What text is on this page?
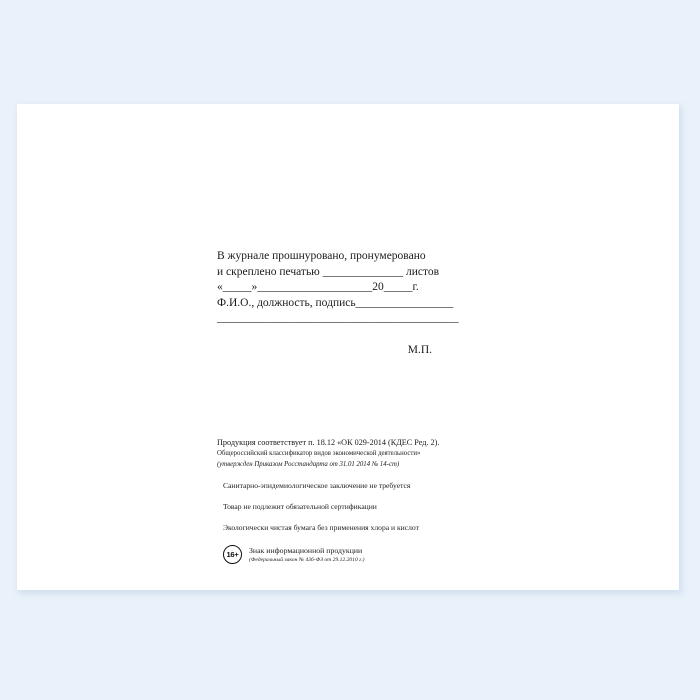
В журнале прошнуровано, пронумеровано
и скреплено печатью ______________ листов
«_____»____________________20_____г.
Ф.И.О., должность, подпись_________________
__________________________________________
М.П.
Продукция соответствует п. 18.12 «ОК 029-2014 (КДЕС Ред. 2).
Общероссийский классификатор видов экономической деятельности»
(утвержден Приказом Росстандарта от 31.01 2014 № 14-ст)
Санитарно-эпидемиологическое заключение не требуется
Товар не подлежит обязательной сертификации
Экологически чистая бумага без применения хлора и кислот
16+	Знак информационной продукции
(Федеральный закон № 436-ФЗ от 29.12.2010 г.)
